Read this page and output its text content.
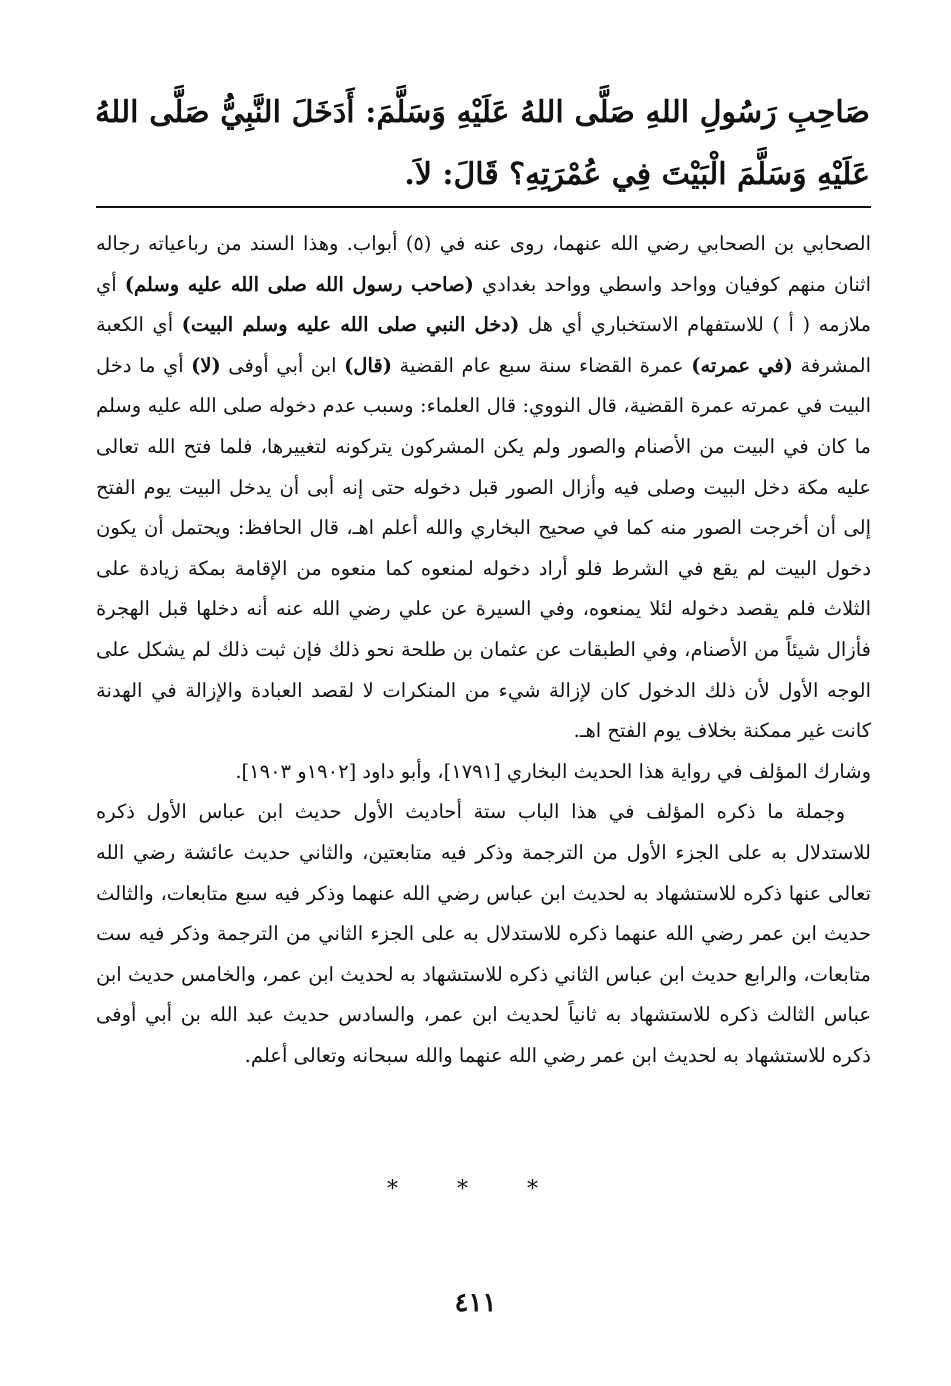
صَاحِبِ رَسُولِ اللهِ صَلَّى اللهُ عَلَيْهِ وَسَلَّمَ: أَدَخَلَ النَّبِيُّ صَلَّى اللهُ عَلَيْهِ وَسَلَّمَ الْبَيْتَ فِي عُمْرَتِهِ؟ قَالَ: لاَ.

الصحابي بن الصحابي رضي الله عنهما، روى عنه في (٥) أبواب. وهذا السند من رباعياته رجاله اثنان منهم كوفيان وواحد واسطي وواحد بغدادي (صاحب رسول الله صلى الله عليه وسلم) أي ملازمه ( أ ) للاستفهام الاستخباري أي هل (دخل النبي صلى الله عليه وسلم البيت) أي الكعبة المشرفة (في عمرته) عمرة القضاء سنة سبع عام القضية (قال) ابن أبي أوفى (لا) أي ما دخل البيت في عمرته عمرة القضية، قال النووي: قال العلماء: وسبب عدم دخوله صلى الله عليه وسلم ما كان في البيت من الأصنام والصور ولم يكن المشركون يتركونه لتغييرها، فلما فتح الله تعالى عليه مكة دخل البيت وصلى فيه وأزال الصور قبل دخوله حتى إنه أبى أن يدخل البيت يوم الفتح إلى أن أخرجت الصور منه كما في صحيح البخاري والله أعلم اهـ، قال الحافظ: ويحتمل أن يكون دخول البيت لم يقع في الشرط فلو أراد دخوله لمنعوه كما منعوه من الإقامة بمكة زيادة على الثلاث فلم يقصد دخوله لئلا يمنعوه، وفي السيرة عن علي رضي الله عنه أنه دخلها قبل الهجرة فأزال شيئاً من الأصنام، وفي الطبقات عن عثمان بن طلحة نحو ذلك فإن ثبت ذلك لم يشكل على الوجه الأول لأن ذلك الدخول كان لإزالة شيء من المنكرات لا لقصد العبادة والإزالة في الهدنة كانت غير ممكنة بخلاف يوم الفتح اهـ.

وشارك المؤلف في رواية هذا الحديث البخاري [١٧٩١]، وأبو داود [١٩٠٢و ١٩٠٣].

وجملة ما ذكره المؤلف في هذا الباب ستة أحاديث الأول حديث ابن عباس الأول ذكره للاستدلال به على الجزء الأول من الترجمة وذكر فيه متابعتين، والثاني حديث عائشة رضي الله تعالى عنها ذكره للاستشهاد به لحديث ابن عباس رضي الله عنهما وذكر فيه سبع متابعات، والثالث حديث ابن عمر رضي الله عنهما ذكره للاستدلال به على الجزء الثاني من الترجمة وذكر فيه ست متابعات، والرابع حديث ابن عباس الثاني ذكره للاستشهاد به لحديث ابن عمر، والخامس حديث ابن عباس الثالث ذكره للاستشهاد به ثانياً لحديث ابن عمر، والسادس حديث عبد الله بن أبي أوفى ذكره للاستشهاد به لحديث ابن عمر رضي الله عنهما والله سبحانه وتعالى أعلم.

* * *
٤١١
